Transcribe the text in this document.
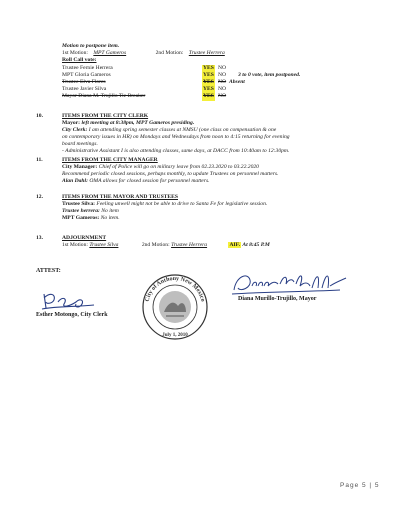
Motion to postpone item.
1st Motion: MPT Gameros	2nd Motion: Trustee Herrera
Roll Call vote:
Trustee Fernie Herrera	YES NO
MPT Gloria Gameros	YES NO 3 to 0 vote, item postponed.
Trustee Elva Flores	YES NO Absent
Trustee Javier Silva	YES NO
Mayor Diana M. Trujillo Tie Breaker	YES NO
10.	ITEMS FROM THE CITY CLERK
Mayor: left meeting at 8:38pm, MPT Gameros presiding.
City Clerk: I am attending spring semester classes at NMSU (one class on compensation & one
on contemporary issues in HR) on Mondays and Wednesdays from noon to 4:15 returning for evening
board meetings.
- Administrative Assistant I is also attending classes, same days, at DACC from 10:40am to 12:30pm.
11.	ITEMS FROM THE CITY MANAGER
City Manager: Chief of Police will go on military leave from 02.23.2020 to 03.22.2020
Recommend periodic closed sessions, perhaps monthly, to update Trustees on personnel matters.
Alan Dahl: OMA allows for closed session for personnel matters.
12.	ITEMS FROM THE MAYOR AND TRUSTEES
Trustee Silva: Feeling unwell might not be able to drive to Santa Fe for legislative session.
Trustee herrera: No item
MPT Gameros: No item.
13.	ADJOURNMENT
1st Motion: Trustee Silva	2nd Motion: Trustee Herrera	AIF. At 8:45 P.M
ATTEST:
Esther Motongo, City Clerk
City of Anthony New Mexico
July 1, 2010
Diana Murillo-Trujillo, Mayor
Page 5 | 5
